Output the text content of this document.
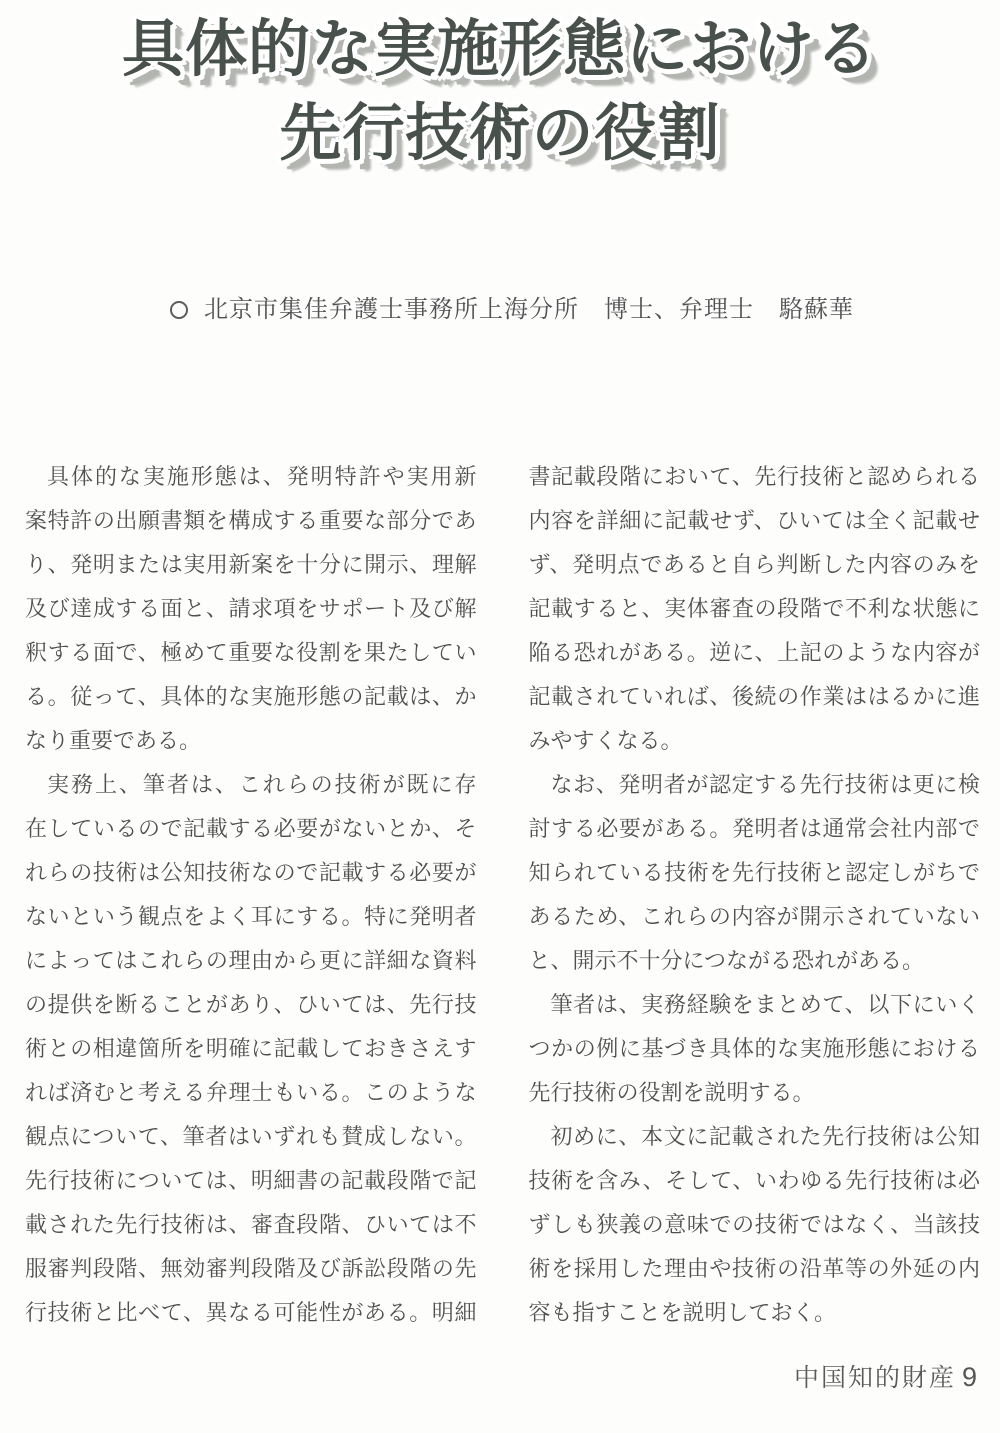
具体的な実施形態における
先行技術の役割
北京市集佳弁護士事務所上海分所　博士、弁理士　駱蘇華
具体的な実施形態は、発明特許や実用新
案特許の出願書類を構成する重要な部分であ
り、発明または実用新案を十分に開示、理解
及び達成する面と、請求項をサポート及び解
釈する面で、極めて重要な役割を果たしてい
る。従って、具体的な実施形態の記載は、か
なり重要である。
実務上、筆者は、これらの技術が既に存
在しているので記載する必要がないとか、そ
れらの技術は公知技術なので記載する必要が
ないという観点をよく耳にする。特に発明者
によってはこれらの理由から更に詳細な資料
の提供を断ることがあり、ひいては、先行技
術との相違箇所を明確に記載しておきさえす
れば済むと考える弁理士もいる。このような
観点について、筆者はいずれも賛成しない。
先行技術については、明細書の記載段階で記
載された先行技術は、審査段階、ひいては不
服審判段階、無効審判段階及び訴訟段階の先
行技術と比べて、異なる可能性がある。明細
書記載段階において、先行技術と認められる
内容を詳細に記載せず、ひいては全く記載せ
ず、発明点であると自ら判断した内容のみを
記載すると、実体審査の段階で不利な状態に
陥る恐れがある。逆に、上記のような内容が
記載されていれば、後続の作業ははるかに進
みやすくなる。
なお、発明者が認定する先行技術は更に検
討する必要がある。発明者は通常会社内部で
知られている技術を先行技術と認定しがちで
あるため、これらの内容が開示されていない
と、開示不十分につながる恐れがある。
筆者は、実務経験をまとめて、以下にいく
つかの例に基づき具体的な実施形態における
先行技術の役割を説明する。
初めに、本文に記載された先行技術は公知
技術を含み、そして、いわゆる先行技術は必
ずしも狭義の意味での技術ではなく、当該技
術を採用した理由や技術の沿革等の外延の内
容も指すことを説明しておく。
中国知的財産 9
